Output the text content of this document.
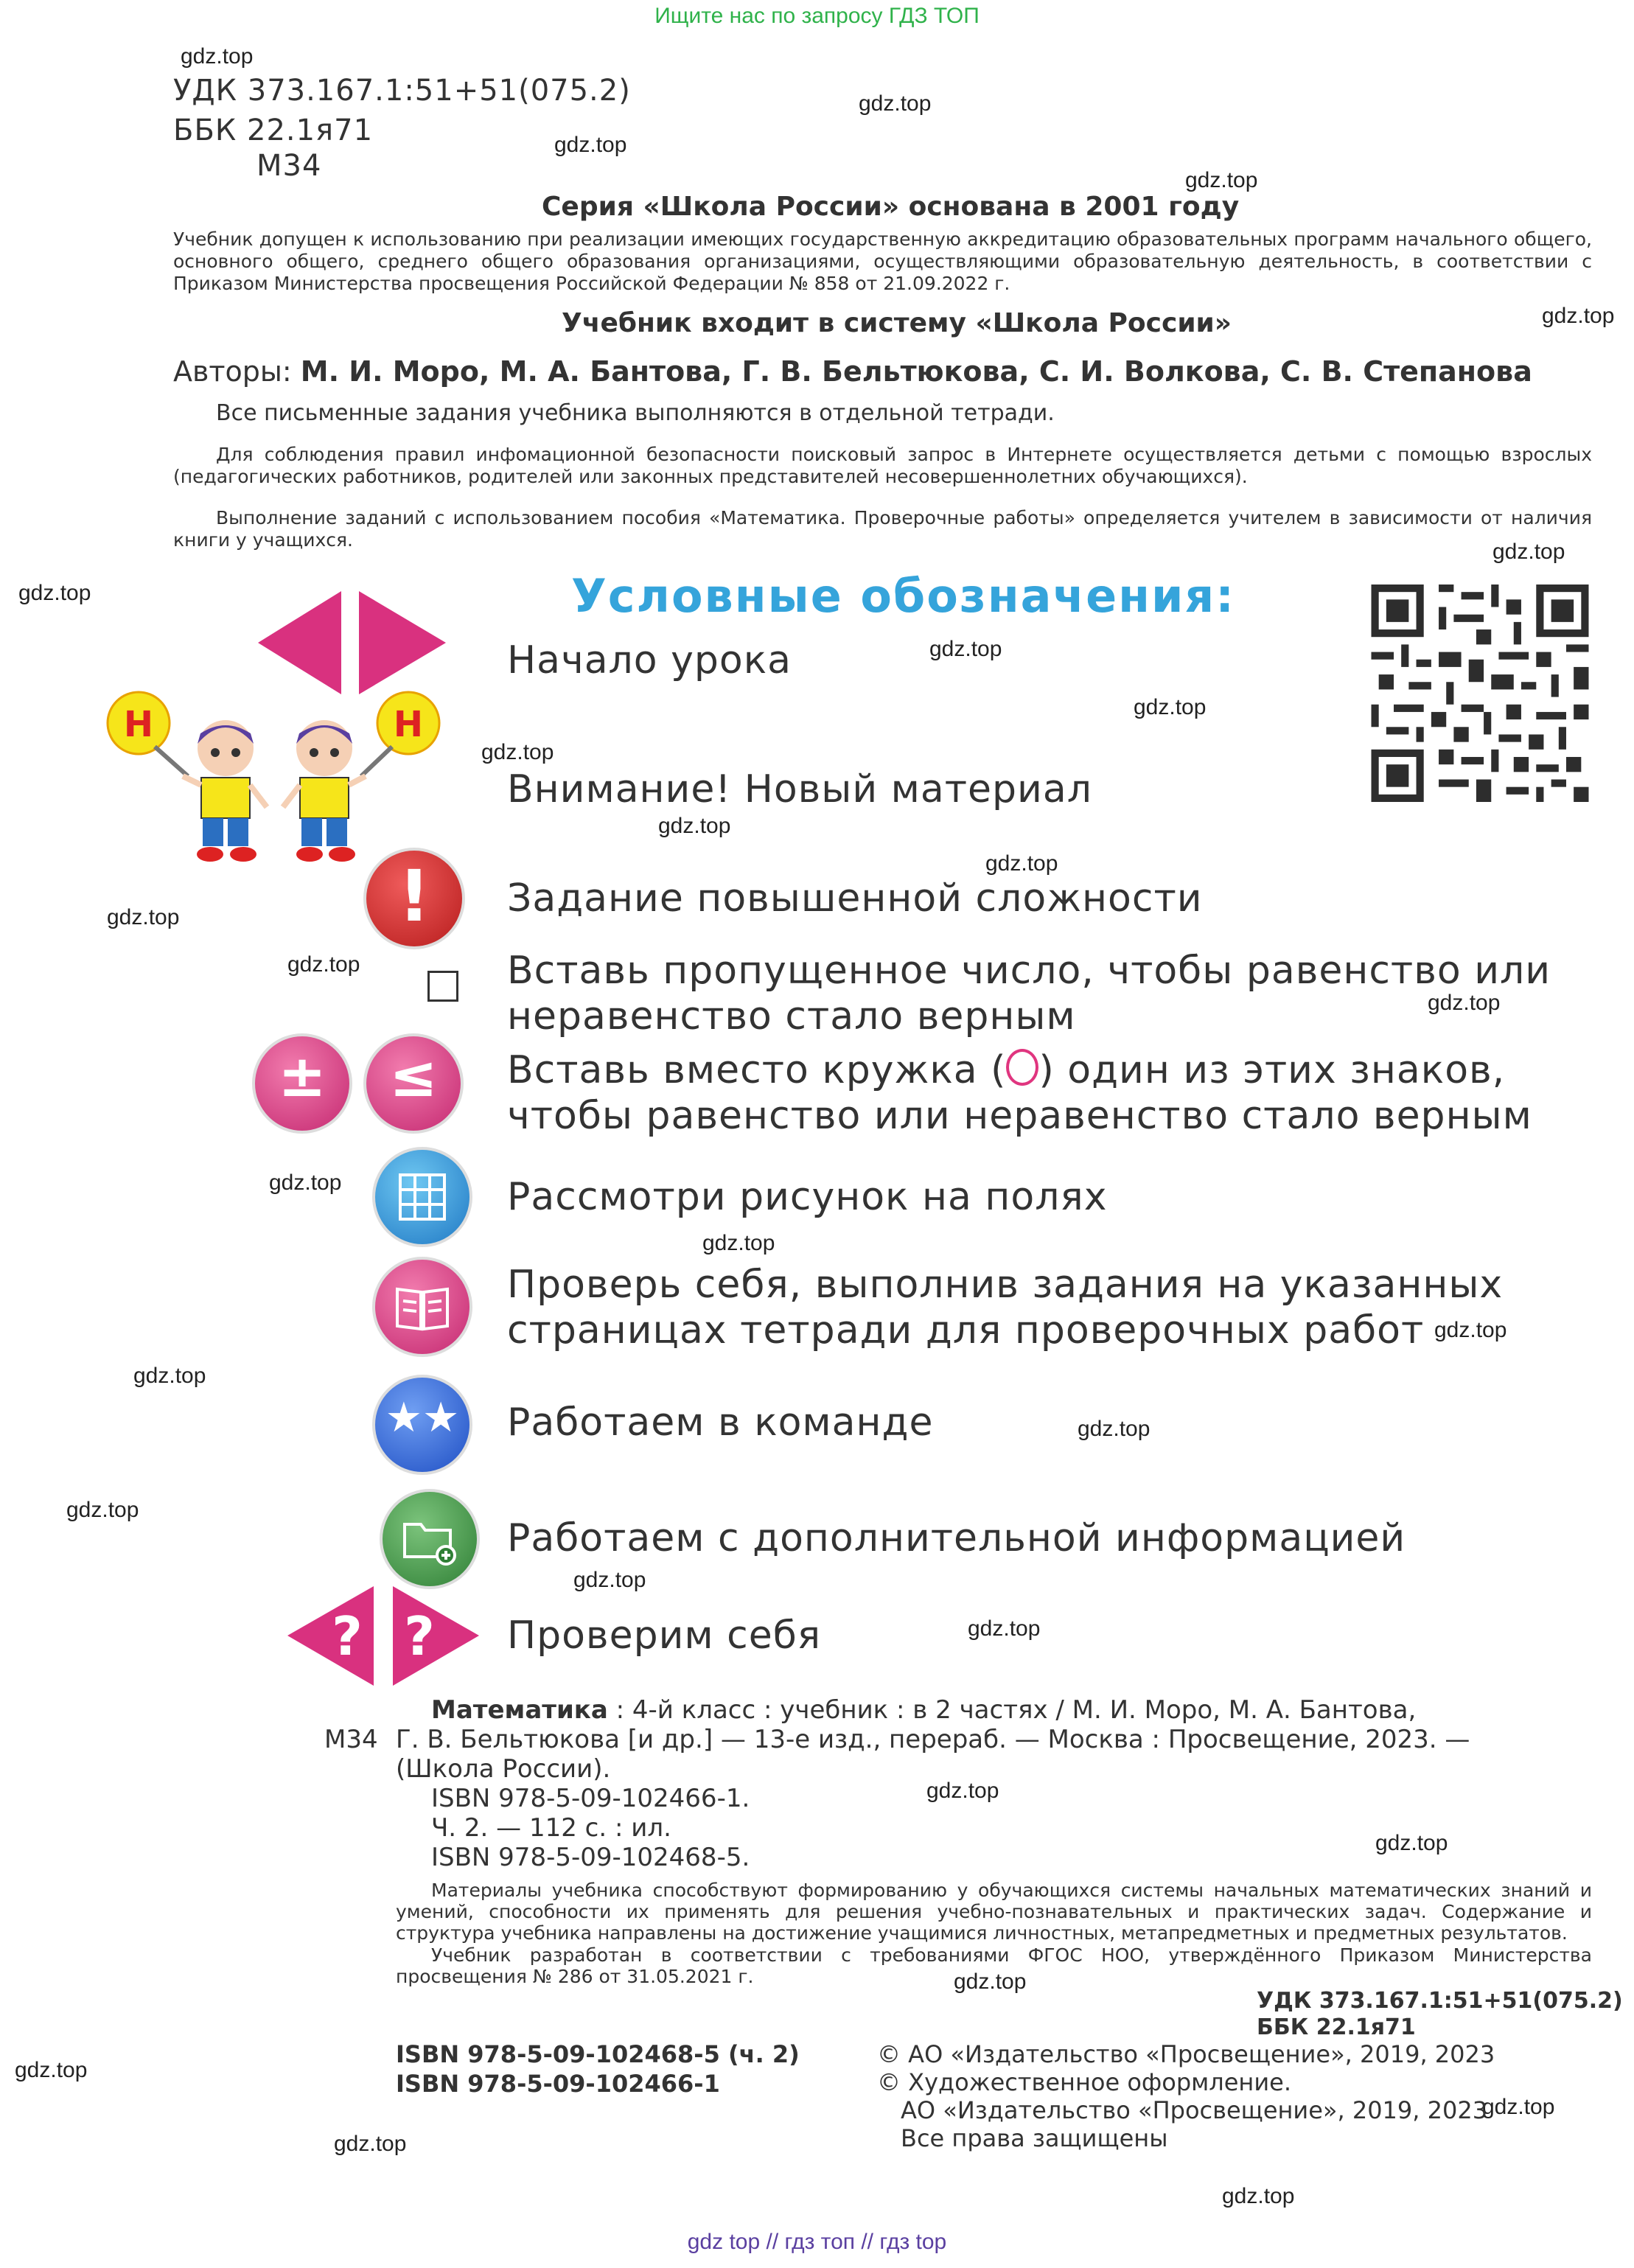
Ищите нас по запросу ГДЗ ТОП
gdz.top
gdz.top
gdz.top
gdz.top
gdz.top
gdz.top
gdz.top
gdz.top
gdz.top
gdz.top
gdz.top
gdz.top
gdz.top
gdz.top
gdz.top
gdz.top
gdz.top
gdz.top
gdz.top
gdz.top
gdz.top
gdz.top
gdz.top
gdz.top
gdz.top
gdz.top
gdz.top
gdz.top
gdz.top
gdz.top
УДК 373.167.1:51+51(075.2)
ББК 22.1я71
М34
Серия «Школа России» основана в 2001 году
Учебник допущен к использованию при реализации имеющих государственную аккредитацию образовательных программ начального общего, основного общего, среднего общего образования организациями, осуществляющими образовательную деятельность, в соответствии с Приказом Министерства просвещения Российской Федерации № 858 от 21.09.2022 г.
Учебник входит в систему «Школа России»
Авторы: М. И. Моро, М. А. Бантова, Г. В. Бельтюкова, С. И. Волкова, С. В. Степанова
Все письменные задания учебника выполняются в отдельной тетради.
Для соблюдения правил инфомационной безопасности поисковый запрос в Интернете осуществляется детьми с помощью взрослых (педагогических работников, родителей или законных представителей несовершеннолетних обучающихся).
Выполнение заданий с использованием пособия «Математика. Проверочные работы» определяется учителем в зависимости от наличия книги у учащихся.
Условные обозначения:
Начало урока
Н	Н
Внимание! Новый материал
!	Задание повышенной сложности
Вставь пропущенное число, чтобы равенство или неравенство стало верным
±	≤	Вставь вместо кружка ( ) один из этих знаков, чтобы равенство или неравенство стало верным
Рассмотри рисунок на полях
Проверь себя, выполнив задания на указанных страницах тетради для проверочных работ
★★ Работаем в команде
Работаем с дополнительной информацией
? ? Проверим себя
Математика : 4-й класс : учебник : в 2 частях / М. И. Моро, М. А. Бантова,
М34 Г. В. Бельтюкова [и др.] — 13-е изд., перераб. — Москва : Просвещение, 2023. —
(Школа России).
ISBN 978-5-09-102466-1.
Ч. 2. — 112 с. : ил.
ISBN 978-5-09-102468-5.
Материалы учебника способствуют формированию у обучающихся системы начальных математических знаний и умений, способности их применять для решения учебно-познавательных и практических задач. Содержание и структура учебника направлены на достижение учащимися личностных, метапредметных и предметных результатов.
Учебник разработан в соответствии с требованиями ФГОС НОО, утверждённого Приказом Министерства просвещения № 286 от 31.05.2021 г.
УДК 373.167.1:51+51(075.2)
ББК 22.1я71
ISBN 978-5-09-102468-5 (ч. 2)
ISBN 978-5-09-102466-1
© АО «Издательство «Просвещение», 2019, 2023
© Художественное оформление.
АО «Издательство «Просвещение», 2019, 2023
Все права защищены
gdz top // гдз топ // гдз top
